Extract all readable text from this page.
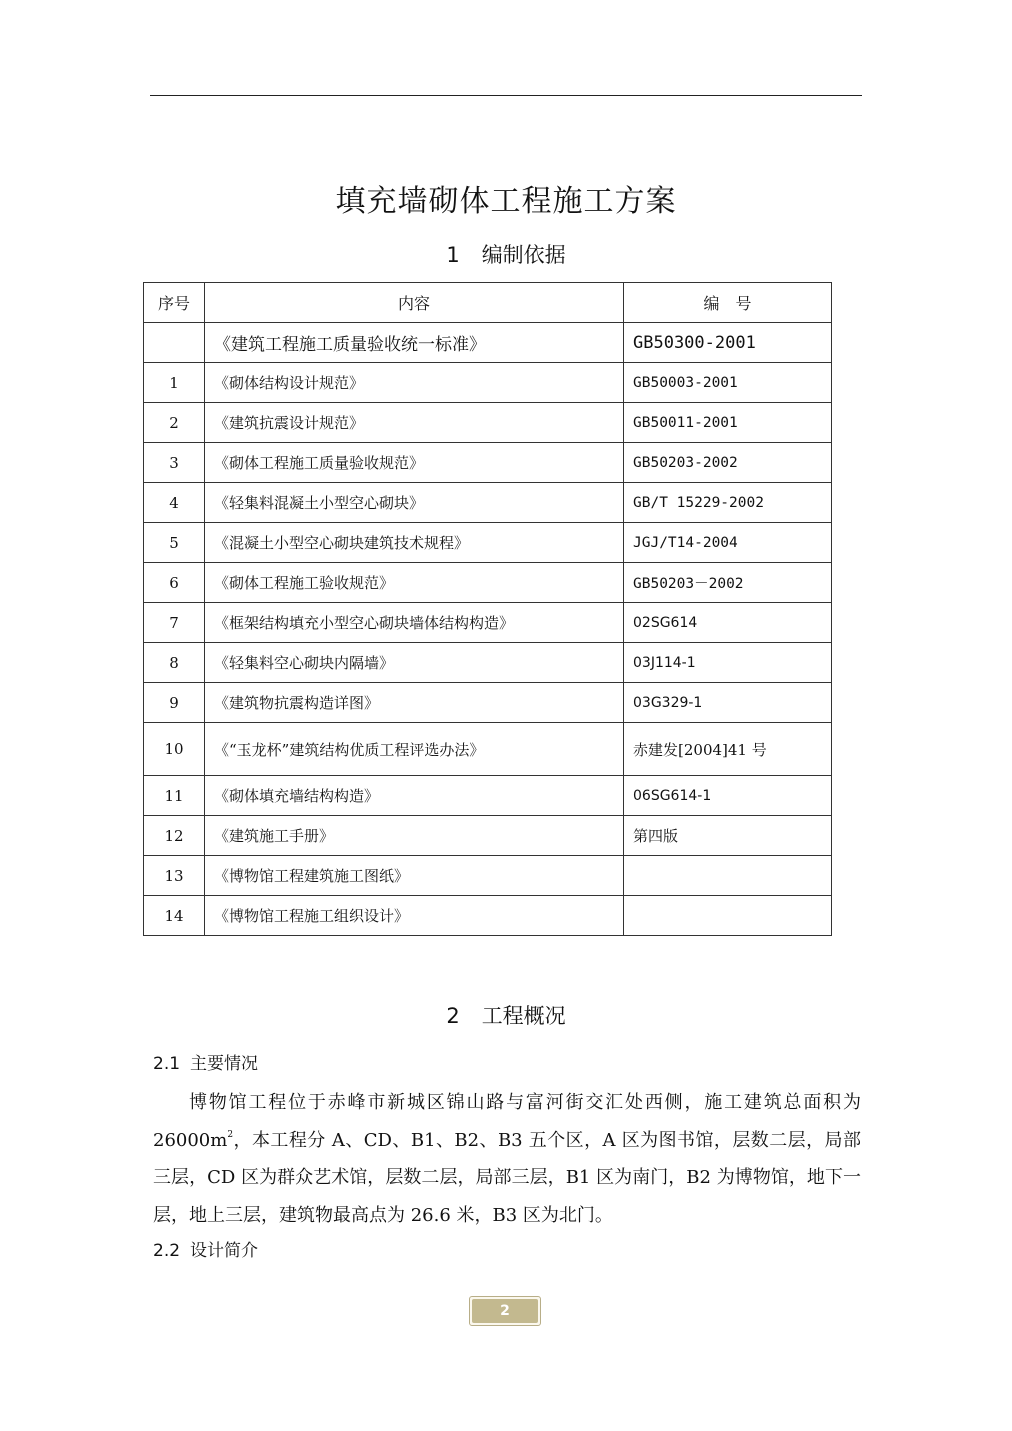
填充墙砌体工程施工方案
1 编制依据
序号	内容	编　号
	《建筑工程施工质量验收统一标准》	GB50300-2001
1	《砌体结构设计规范》	GB50003-2001
2	《建筑抗震设计规范》	GB50011-2001
3	《砌体工程施工质量验收规范》	GB50203-2002
4	《轻集料混凝土小型空心砌块》	GB/T 15229-2002
5	《混凝土小型空心砌块建筑技术规程》	JGJ/T14-2004
6	《砌体工程施工验收规范》	GB50203－2002
7	《框架结构填充小型空心砌块墙体结构构造》	02SG614
8	《轻集料空心砌块内隔墙》	03J114-1
9	《建筑物抗震构造详图》	03G329-1
10	《“玉龙杯”建筑结构优质工程评选办法》	赤建发[2004]41 号
11	《砌体填充墙结构构造》	06SG614-1
12	《建筑施工手册》	第四版
13	《博物馆工程建筑施工图纸》	
14	《博物馆工程施工组织设计》	
2 工程概况
2.1 主要情况
博物馆工程位于赤峰市新城区锦山路与富河街交汇处西侧，施工建筑总面积为 $26000m^2$，本工程分 A、CD、B1、B2、B3 五个区，A 区为图书馆，层数二层，局部三层，CD 区为群众艺术馆，层数二层，局部三层，B1 区为南门，B2 为博物馆，地下一层，地上三层，建筑物最高点为 26.6 米，B3 区为北门。
2.2 设计简介
2
